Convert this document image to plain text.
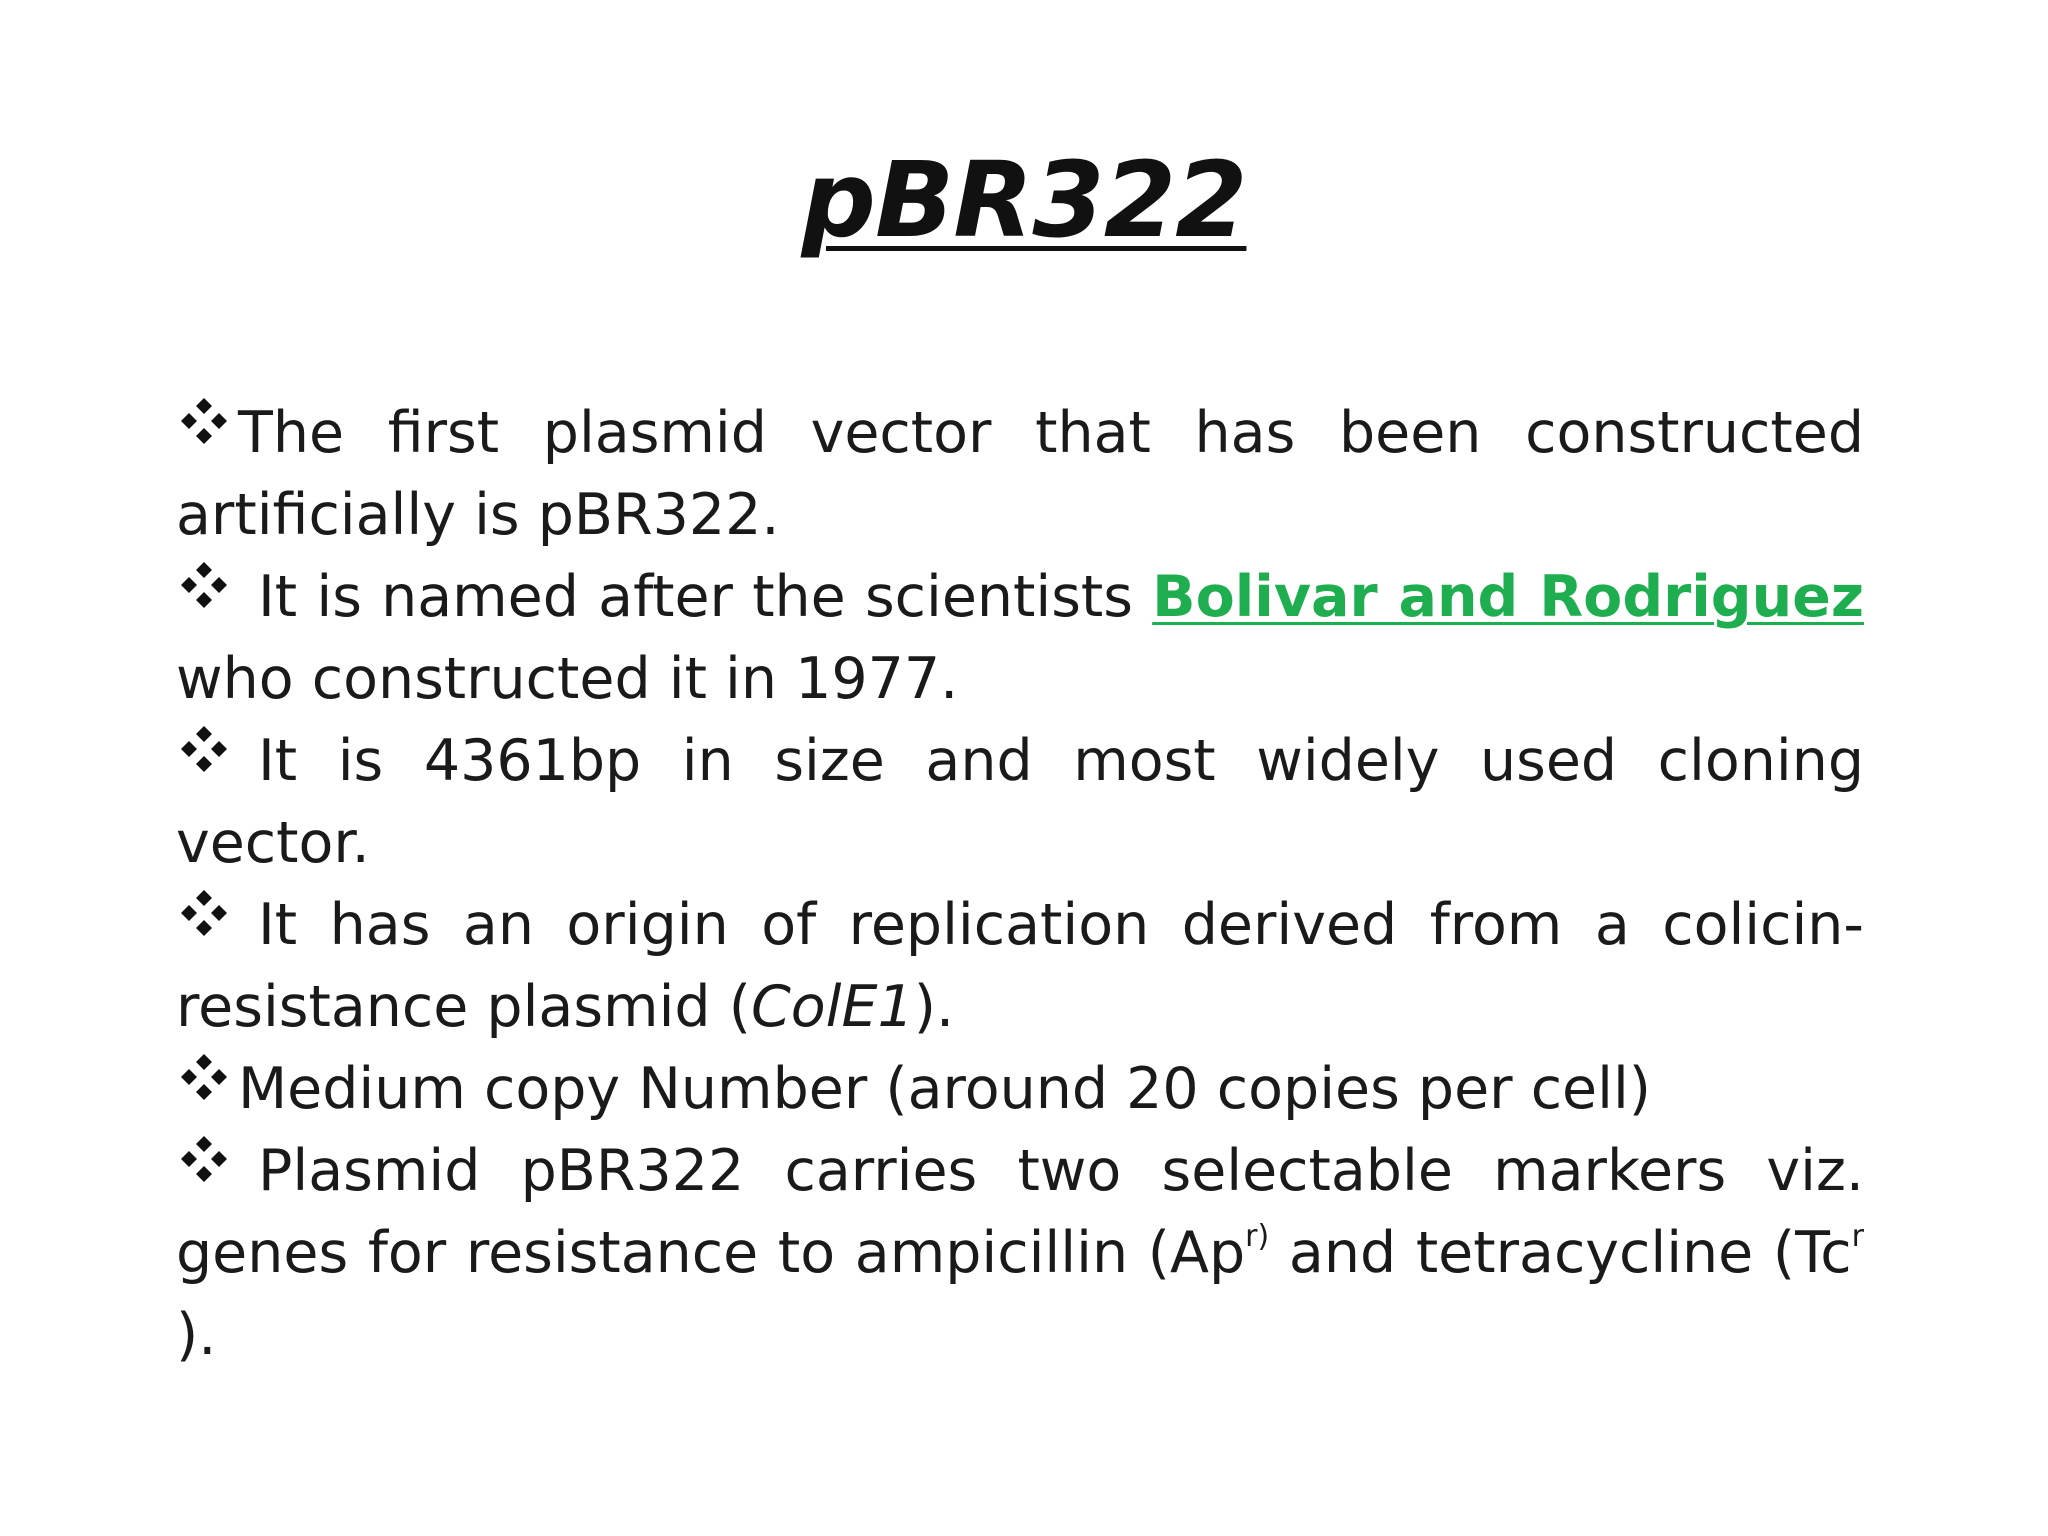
pBR322

The first plasmid vector that has been constructed artificially is pBR322.

It is named after the scientists Bolivar and Rodriguez who constructed it in 1977.

It is 4361bp in size and most widely used cloning vector.

It has an origin of replication derived from a colicin-resistance plasmid (ColE1).

Medium copy Number (around 20 copies per cell)

Plasmid pBR322 carries two selectable markers viz. genes for resistance to ampicillin (Ap$^{r)}$ and tetracycline (Tc$^r$ ).
